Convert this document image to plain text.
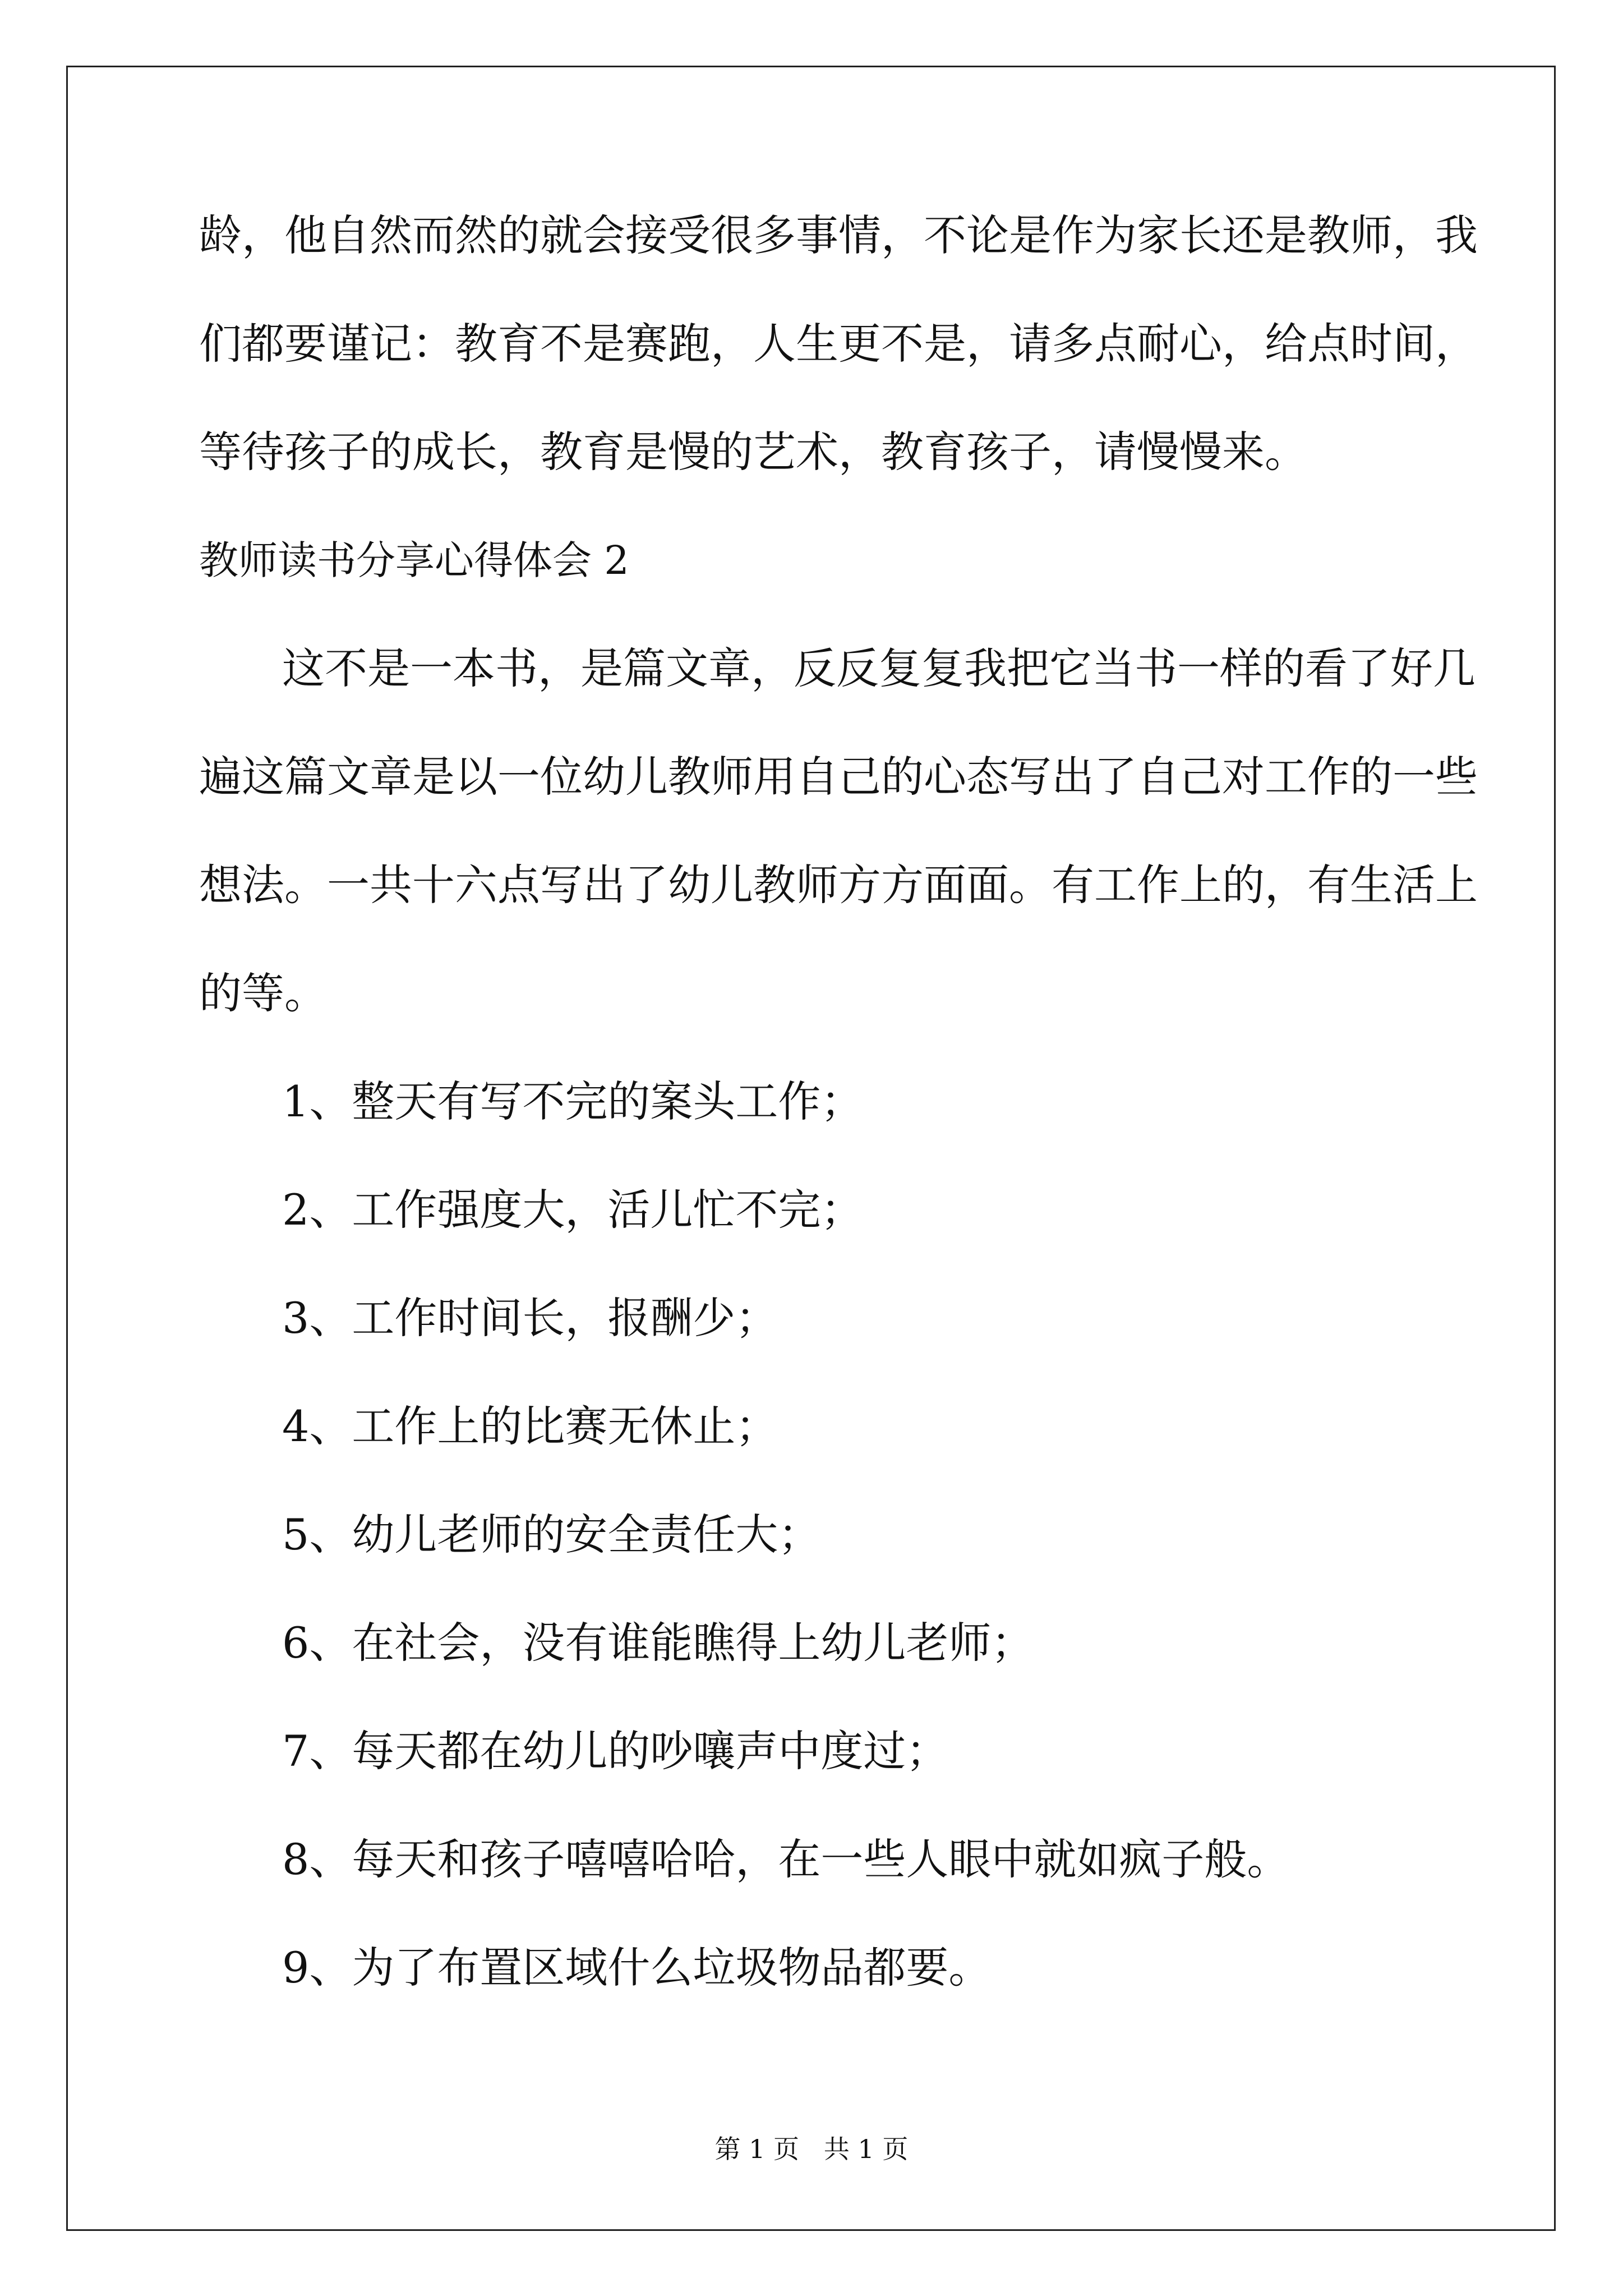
龄，他自然而然的就会接受很多事情，不论是作为家长还是教师，我

们都要谨记：教育不是赛跑，人生更不是，请多点耐心，给点时间，

等待孩子的成长，教育是慢的艺术，教育孩子，请慢慢来。

教师读书分享心得体会 2

这不是一本书，是篇文章，反反复复我把它当书一样的看了好几

遍这篇文章是以一位幼儿教师用自己的心态写出了自己对工作的一些

想法。一共十六点写出了幼儿教师方方面面。有工作上的，有生活上

的等。

1、整天有写不完的案头工作；

2、工作强度大，活儿忙不完；

3、工作时间长，报酬少；

4、工作上的比赛无休止；

5、幼儿老师的安全责任大；

6、在社会，没有谁能瞧得上幼儿老师；

7、每天都在幼儿的吵嚷声中度过；

8、每天和孩子嘻嘻哈哈，在一些人眼中就如疯子般。

9、为了布置区域什么垃圾物品都要。

第 1 页   共 1 页
